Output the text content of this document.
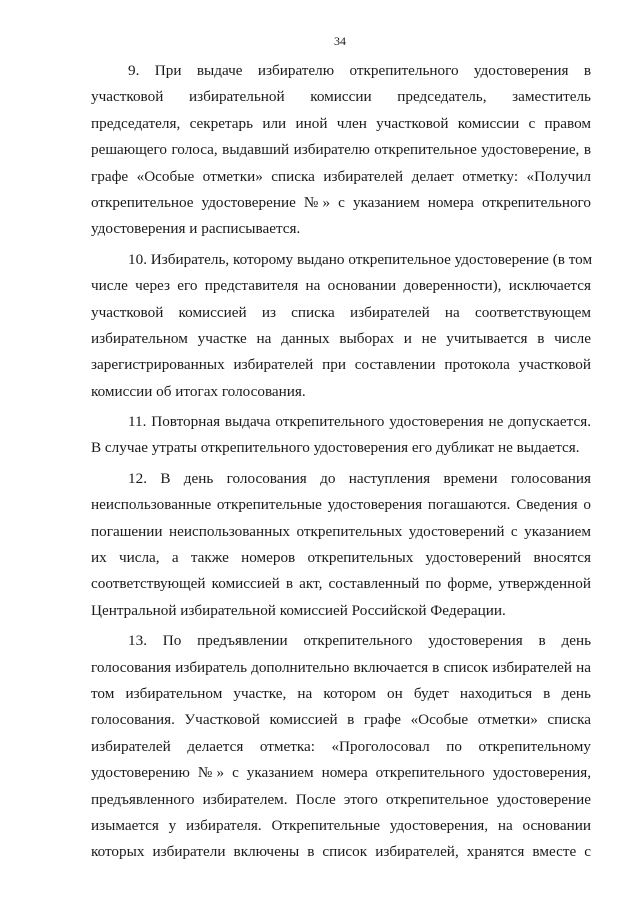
34
9. При выдаче избирателю открепительного удостоверения в
участковой избирательной комиссии председатель, заместитель
председателя, секретарь или иной член участковой комиссии с правом
решающего голоса, выдавший избирателю открепительное удостоверение, в
графе «Особые отметки» списка избирателей делает отметку: «Получил
открепительное удостоверение №» с указанием номера открепительного
удостоверения и расписывается.
10. Избиратель, которому выдано открепительное удостоверение (в том
числе через его представителя на основании доверенности), исключается
участковой комиссией из списка избирателей на соответствующем
избирательном участке на данных выборах и не учитывается в числе
зарегистрированных избирателей при составлении протокола участковой
комиссии об итогах голосования.
11. Повторная выдача открепительного удостоверения не допускается.
В случае утраты открепительного удостоверения его дубликат не выдается.
12. В день голосования до наступления времени голосования
неиспользованные открепительные удостоверения погашаются. Сведения о
погашении неиспользованных открепительных удостоверений с указанием
их числа, а также номеров открепительных удостоверений вносятся
соответствующей комиссией в акт, составленный по форме, утвержденной
Центральной избирательной комиссией Российской Федерации.
13. По предъявлении открепительного удостоверения в день
голосования избиратель дополнительно включается в список избирателей на
том избирательном участке, на котором он будет находиться в день
голосования. Участковой комиссией в графе «Особые отметки» списка
избирателей делается отметка: «Проголосовал по открепительному
удостоверению №» с указанием номера открепительного удостоверения,
предъявленного избирателем. После этого открепительное удостоверение
изымается у избирателя. Открепительные удостоверения, на основании
которых избиратели включены в список избирателей, хранятся вместе с
